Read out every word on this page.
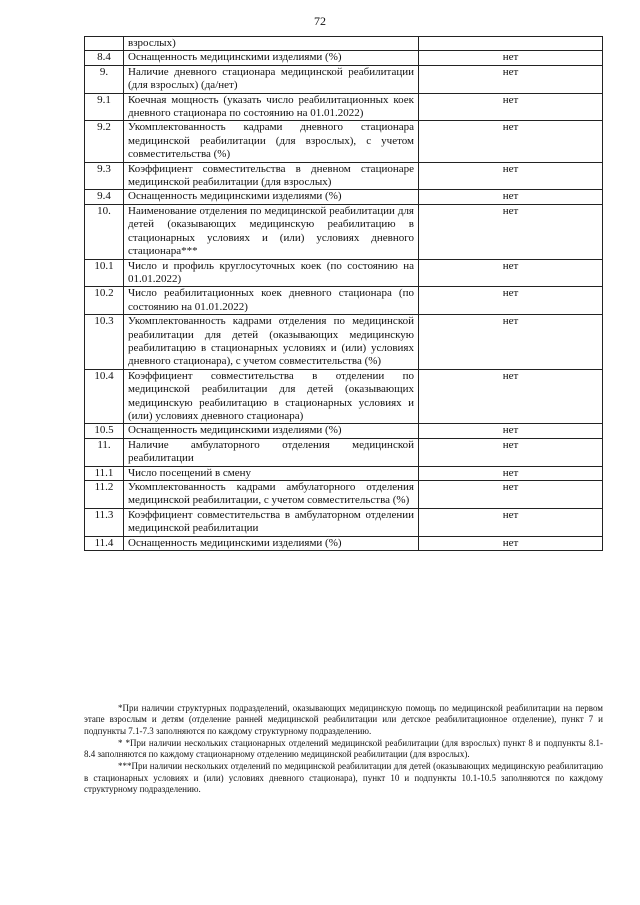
72
	взрослых)	
8.4	Оснащенность медицинскими изделиями (%)	нет
9.	Наличие дневного стационара медицинской реабилитации (для взрослых) (да/нет)	нет
9.1	Коечная мощность (указать число реабилитационных коек дневного стационара по состоянию на 01.01.2022)	нет
9.2	Укомплектованность кадрами дневного стационара медицинской реабилитации (для взрослых), с учетом совместительства (%)	нет
9.3	Коэффициент совместительства в дневном стационаре медицинской реабилитации (для взрослых)	нет
9.4	Оснащенность медицинскими изделиями (%)	нет
10.	Наименование отделения по медицинской реабилитации для детей (оказывающих медицинскую реабилитацию в стационарных условиях и (или) условиях дневного стационара***	нет
10.1	Число и профиль круглосуточных коек (по состоянию на 01.01.2022)	нет
10.2	Число реабилитационных коек дневного стационара (по состоянию на 01.01.2022)	нет
10.3	Укомплектованность кадрами отделения по медицинской реабилитации для детей (оказывающих медицинскую реабилитацию в стационарных условиях и (или) условиях дневного стационара), с учетом совместительства (%)	нет
10.4	Коэффициент совместительства в отделении по медицинской реабилитации для детей (оказывающих медицинскую реабилитацию в стационарных условиях и (или) условиях дневного стационара)	нет
10.5	Оснащенность медицинскими изделиями (%)	нет
11.	Наличие амбулаторного отделения медицинской реабилитации	нет
11.1	Число посещений в смену	нет
11.2	Укомплектованность кадрами амбулаторного отделения медицинской реабилитации, с учетом совместительства (%)	нет
11.3	Коэффициент совместительства в амбулаторном отделении медицинской реабилитации	нет
11.4	Оснащенность медицинскими изделиями (%)	нет

*При наличии структурных подразделений, оказывающих медицинскую помощь по медицинской реабилитации на первом этапе взрослым и детям (отделение ранней медицинской реабилитации или детское реабилитационное отделение), пункт 7 и подпункты 7.1-7.3 заполняются по каждому структурному подразделению.

* *При наличии нескольких стационарных отделений медицинской реабилитации (для взрослых) пункт 8 и подпункты 8.1-8.4 заполняются по каждому стационарному отделению медицинской реабилитации (для взрослых).

***При наличии нескольких отделений по медицинской реабилитации для детей (оказывающих медицинскую реабилитацию в стационарных условиях и (или) условиях дневного стационара), пункт 10 и подпункты 10.1-10.5 заполняются по каждому структурному подразделению.
